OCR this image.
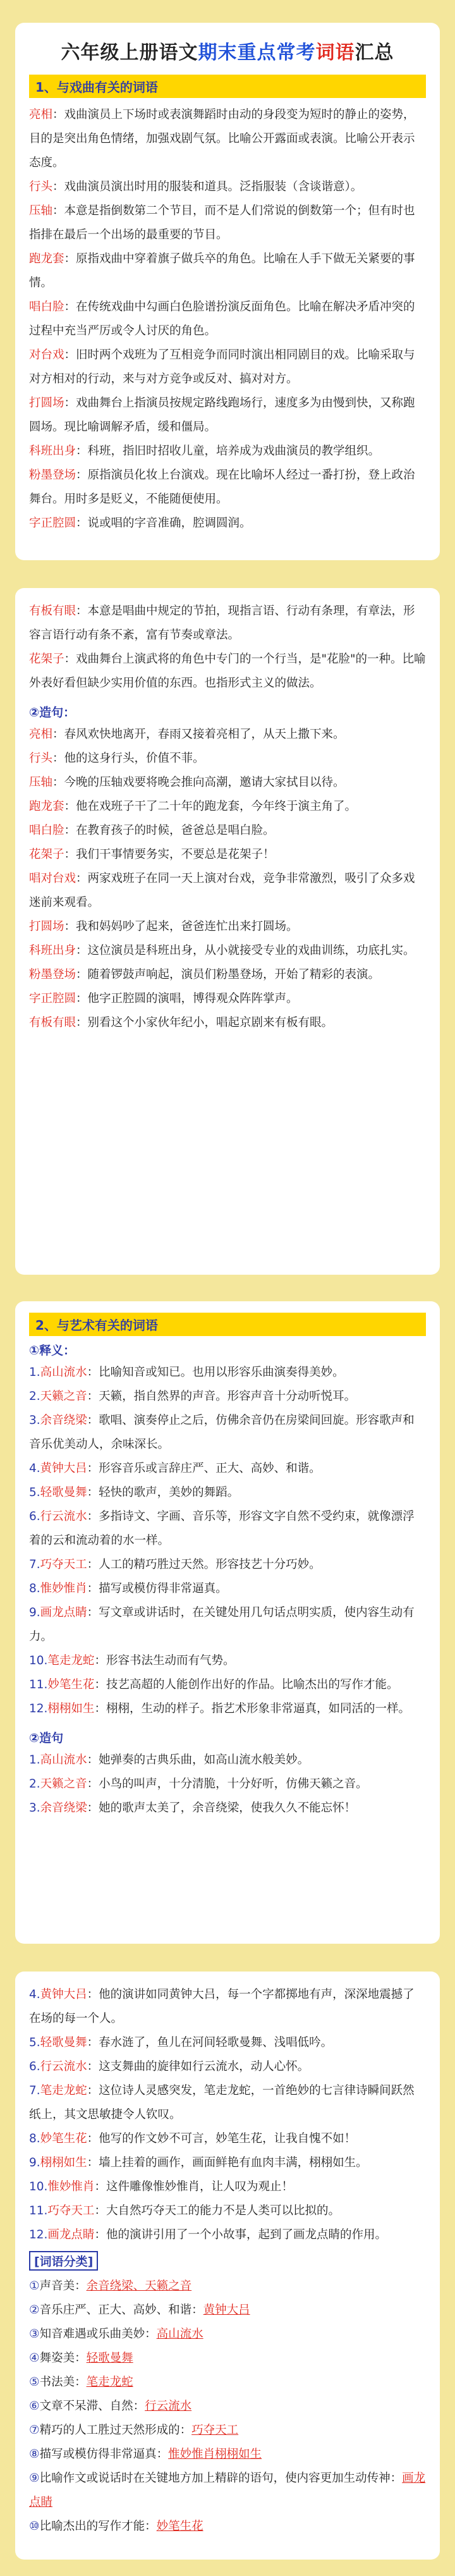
六年级上册语文期末重点常考词语汇总
1、与戏曲有关的词语

亮相：戏曲演员上下场时或表演舞蹈时由动的身段变为短时的静止的姿势，目的是突出角色情绪，加强戏剧气氛。比喻公开露面或表演。比喻公开表示态度。

行头：戏曲演员演出时用的服装和道具。泛指服装（含谈谐意）。

压轴：本意是指倒数第二个节目，而不是人们常说的倒数第一个；但有时也指排在最后一个出场的最重要的节目。

跑龙套：原指戏曲中穿着旗子做兵卒的角色。比喻在人手下做无关紧要的事情。

唱白脸：在传统戏曲中勾画白色脸谱扮演反面角色。比喻在解决矛盾冲突的过程中充当严厉或令人讨厌的角色。

对台戏：旧时两个戏班为了互相竞争而同时演出相同剧目的戏。比喻采取与对方相对的行动，来与对方竞争或反对、搞对对方。

打圆场：戏曲舞台上指演员按规定路线跑场行，速度多为由慢到快，又称跑圆场。现比喻调解矛盾，缓和僵局。

科班出身：科班，指旧时招收儿童，培养成为戏曲演员的教学组织。

粉墨登场：原指演员化妆上台演戏。现在比喻坏人经过一番打扮，登上政治舞台。用时多是贬义，不能随便使用。

字正腔圆：说或唱的字音准确，腔调圆润。

有板有眼：本意是唱曲中规定的节拍，现指言语、行动有条理，有章法，形容言语行动有条不紊，富有节奏或章法。

花架子：戏曲舞台上演武将的角色中专门的一个行当，是"花脸"的一种。比喻外表好看但缺少实用价值的东西。也指形式主义的做法。

②造句：

亮相：春风欢快地离开，春雨又接着亮相了，从天上撒下来。

行头：他的这身行头，价值不菲。

压轴：今晚的压轴戏要将晚会推向高潮，邀请大家拭目以待。

跑龙套：他在戏班子干了二十年的跑龙套，今年终于演主角了。

唱白脸：在教育孩子的时候，爸爸总是唱白脸。

花架子：我们干事情要务实，不要总是花架子！

唱对台戏：两家戏班子在同一天上演对台戏，竞争非常激烈，吸引了众多戏迷前来观看。

打圆场：我和妈妈吵了起来，爸爸连忙出来打圆场。

科班出身：这位演员是科班出身，从小就接受专业的戏曲训练，功底扎实。

粉墨登场：随着锣鼓声响起，演员们粉墨登场，开始了精彩的表演。

字正腔圆：他字正腔圆的演唱，博得观众阵阵掌声。

有板有眼：别看这个小家伙年纪小，唱起京剧来有板有眼。

2、与艺术有关的词语
①释义：

1.高山流水：比喻知音或知已。也用以形容乐曲演奏得美妙。

2.天籁之音：天籁，指自然界的声音。形容声音十分动听悦耳。

3.余音绕梁：歌唱、演奏停止之后，仿佛余音仍在房梁间回旋。形容歌声和音乐优美动人，余味深长。

4.黄钟大吕：形容音乐或言辞庄严、正大、高妙、和谐。

5.轻歌曼舞：轻快的歌声，美妙的舞蹈。

6.行云流水：多指诗文、字画、音乐等，形容文字自然不受约束，就像漂浮着的云和流动着的水一样。

7.巧夺天工：人工的精巧胜过天然。形容技艺十分巧妙。

8.惟妙惟肖：描写或模仿得非常逼真。

9.画龙点睛：写文章或讲话时，在关键处用几句话点明实质，使内容生动有力。

10.笔走龙蛇：形容书法生动而有气势。

11.妙笔生花：技艺高超的人能创作出好的作品。比喻杰出的写作才能。

12.栩栩如生：栩栩，生动的样子。指艺术形象非常逼真，如同活的一样。

②造句

1.高山流水：她弹奏的古典乐曲，如高山流水般美妙。

2.天籁之音：小鸟的叫声，十分清脆，十分好听，仿佛天籁之音。

3.余音绕梁：她的歌声太美了，余音绕梁，使我久久不能忘怀！

4.黄钟大吕：他的演讲如同黄钟大吕，每一个字都掷地有声，深深地震撼了在场的每一个人。

5.轻歌曼舞：春水涟了，鱼儿在河间轻歌曼舞、浅唱低吟。

6.行云流水：这支舞曲的旋律如行云流水，动人心怀。

7.笔走龙蛇：这位诗人灵感突发，笔走龙蛇，一首绝妙的七言律诗瞬间跃然纸上，其文思敏捷令人钦叹。

8.妙笔生花：他写的作文妙不可言，妙笔生花，让我自愧不如！

9.栩栩如生：墙上挂着的画作，画面鲜艳有血肉丰满，栩栩如生。

10.惟妙惟肖：这件雕像惟妙惟肖，让人叹为观止！

11.巧夺天工：大自然巧夺天工的能力不是人类可以比拟的。

12.画龙点睛：他的演讲引用了一个小故事，起到了画龙点睛的作用。

[词语分类]

①声音美：余音绕梁、天籁之音

②音乐庄严、正大、高妙、和谐：黄钟大吕

③知音难遇或乐曲美妙：高山流水

④舞姿美：轻歌曼舞

⑤书法美：笔走龙蛇

⑥文章不呆滞、自然：行云流水

⑦精巧的人工胜过天然形成的：巧夺天工

⑧描写或模仿得非常逼真：惟妙惟肖栩栩如生

⑨比喻作文或说话时在关键地方加上精辟的语句，使内容更加生动传神：画龙点睛

⑩比喻杰出的写作才能：妙笔生花
